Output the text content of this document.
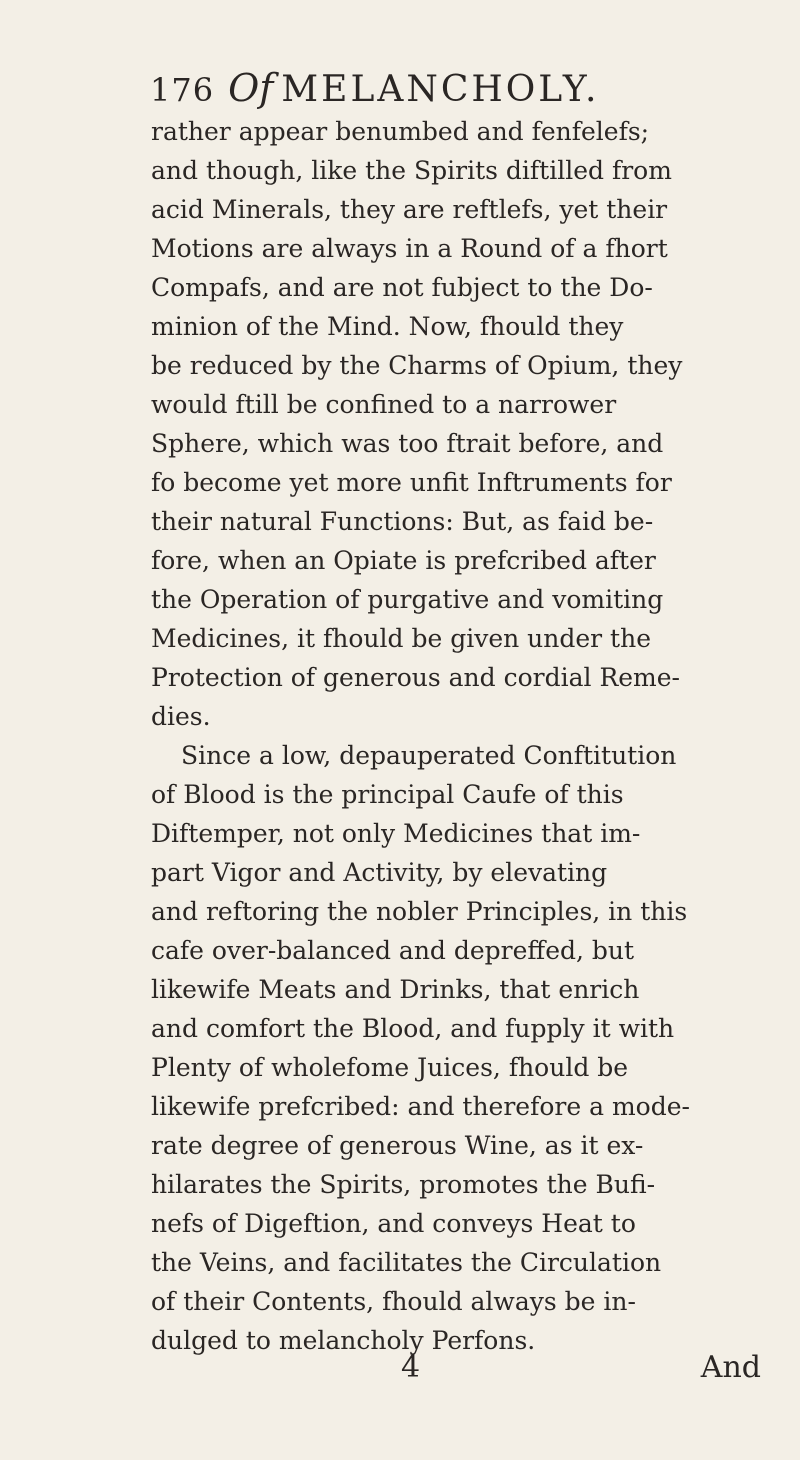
176 Of MELANCHOLY.
rather appear benumbed and fenfelefs;
and though, like the Spirits diftilled from
acid Minerals, they are reftlefs, yet their
Motions are always in a Round of a fhort
Compafs, and are not fubject to the Do-
minion of the Mind. Now, fhould they
be reduced by the Charms of Opium, they
would ftill be confined to a narrower
Sphere, which was too ftrait before, and
fo become yet more unfit Inftruments for
their natural Functions: But, as faid be-
fore, when an Opiate is prefcribed after
the Operation of purgative and vomiting
Medicines, it fhould be given under the
Protection of generous and cordial Reme-
dies.
Since a low, depauperated Conftitution
of Blood is the principal Caufe of this
Diftemper, not only Medicines that im-
part Vigor and Activity, by elevating
and reftoring the nobler Principles, in this
cafe over-balanced and depreffed, but
likewife Meats and Drinks, that enrich
and comfort the Blood, and fupply it with
Plenty of wholefome Juices, fhould be
likewife prefcribed: and therefore a mode-
rate degree of generous Wine, as it ex-
hilarates the Spirits, promotes the Bufi-
nefs of Digeftion, and conveys Heat to
the Veins, and facilitates the Circulation
of their Contents, fhould always be in-
dulged to melancholy Perfons.
4	And
